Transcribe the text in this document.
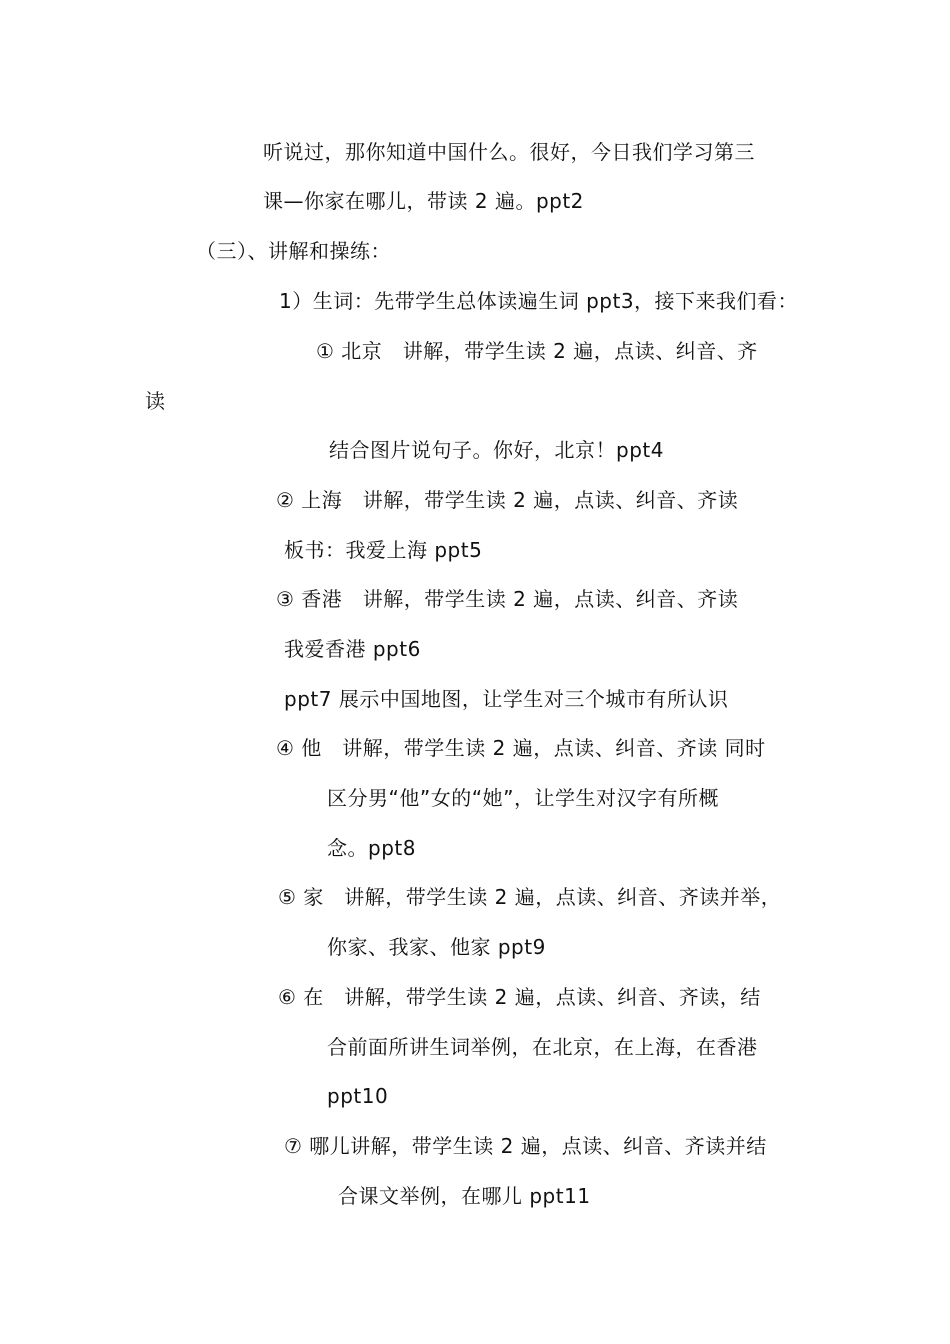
听说过，那你知道中国什么。很好，今日我们学习第三
课—你家在哪儿，带读 2 遍。ppt2
（三）、讲解和操练：
1）生词：先带学生总体读遍生词 ppt3，接下来我们看：
① 北京　讲解，带学生读 2 遍，点读、纠音、齐
读
结合图片说句子。你好，北京！ppt4
② 上海　讲解，带学生读 2 遍，点读、纠音、齐读
板书：我爱上海 ppt5
③ 香港　讲解，带学生读 2 遍，点读、纠音、齐读
我爱香港 ppt6
ppt7 展示中国地图，让学生对三个城市有所认识
④ 他　讲解，带学生读 2 遍，点读、纠音、齐读 同时
区分男“他”女的“她”，让学生对汉字有所概
念。ppt8
⑤ 家　讲解，带学生读 2 遍，点读、纠音、齐读并举，
你家、我家、他家 ppt9
⑥ 在　讲解，带学生读 2 遍，点读、纠音、齐读，结
合前面所讲生词举例，在北京，在上海，在香港
ppt10
⑦ 哪儿讲解，带学生读 2 遍，点读、纠音、齐读并结
合课文举例，在哪儿 ppt11
